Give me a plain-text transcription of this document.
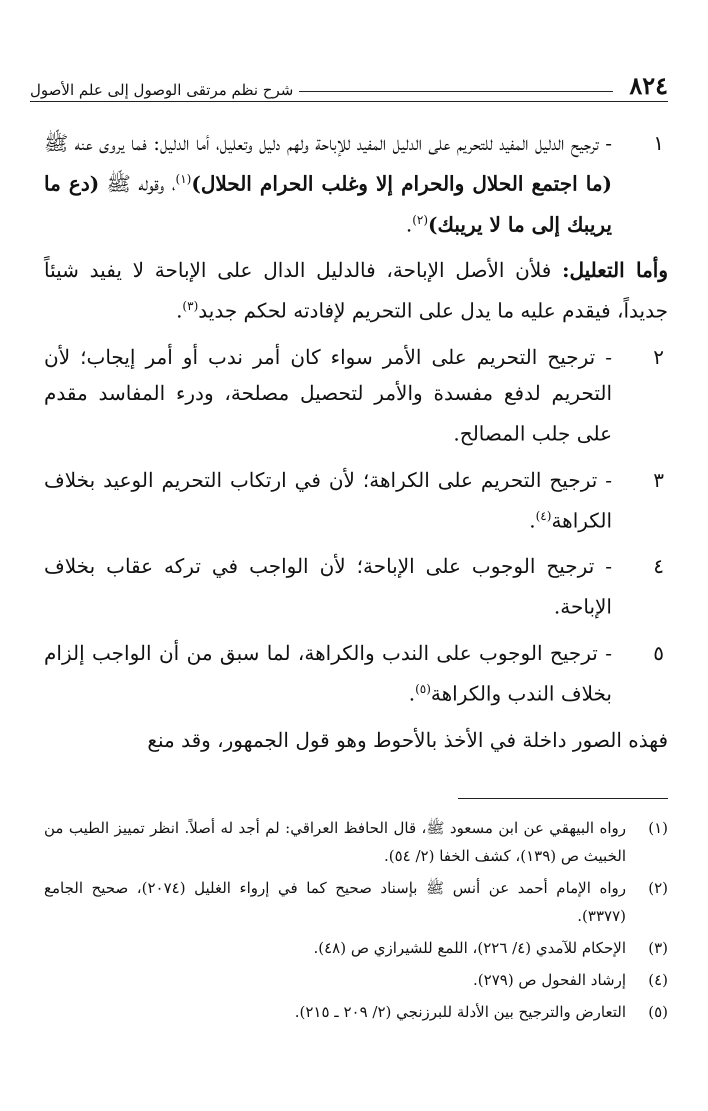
٨٢٤
شرح نظم مرتقى الوصول إلى علم الأصول
١
- ترجيح الدليل المفيد للتحريم على الدليل المفيد للإباحة ولهم دليل وتعليل، أما الدليل: فما يروى عنه ﷺ (ما اجتمع الحلال والحرام إلا وغلب الحرام الحلال)$^{(١)}$، وقوله ﷺ (دع ما يريبك إلى ما لا يريبك)$^{(٢)}$.
وأما التعليل: فلأن الأصل الإباحة، فالدليل الدال على الإباحة لا يفيد شيئاً جديداً، فيقدم عليه ما يدل على التحريم لإفادته لحكم جديد$^{(٣)}$.
٢
- ترجيح التحريم على الأمر سواء كان أمر ندب أو أمر إيجاب؛ لأن التحريم لدفع مفسدة والأمر لتحصيل مصلحة، ودرء المفاسد مقدم على جلب المصالح.
٣
- ترجيح التحريم على الكراهة؛ لأن في ارتكاب التحريم الوعيد بخلاف الكراهة$^{(٤)}$.
٤
- ترجيح الوجوب على الإباحة؛ لأن الواجب في تركه عقاب بخلاف الإباحة.
٥
- ترجيح الوجوب على الندب والكراهة، لما سبق من أن الواجب إلزام بخلاف الندب والكراهة$^{(٥)}$.
فهذه الصور داخلة في الأخذ بالأحوط وهو قول الجمهور، وقد منع
(١)
رواه البيهقي عن ابن مسعود ﷺ، قال الحافظ العراقي: لم أجد له أصلاً. انظر تمييز الطيب من الخبيث ص (١٣٩)، كشف الخفا (٢/ ٥٤).
(٢)
رواه الإمام أحمد عن أنس ﷺ بإسناد صحيح كما في إرواء الغليل (٢٠٧٤)، صحيح الجامع (٣٣٧٧).
(٣)
الإحكام للآمدي (٤/ ٢٢٦)، اللمع للشيرازي ص (٤٨).
(٤)
إرشاد الفحول ص (٢٧٩).
(٥)
التعارض والترجيح بين الأدلة للبرزنجي (٢/ ٢٠٩ ـ ٢١٥).
